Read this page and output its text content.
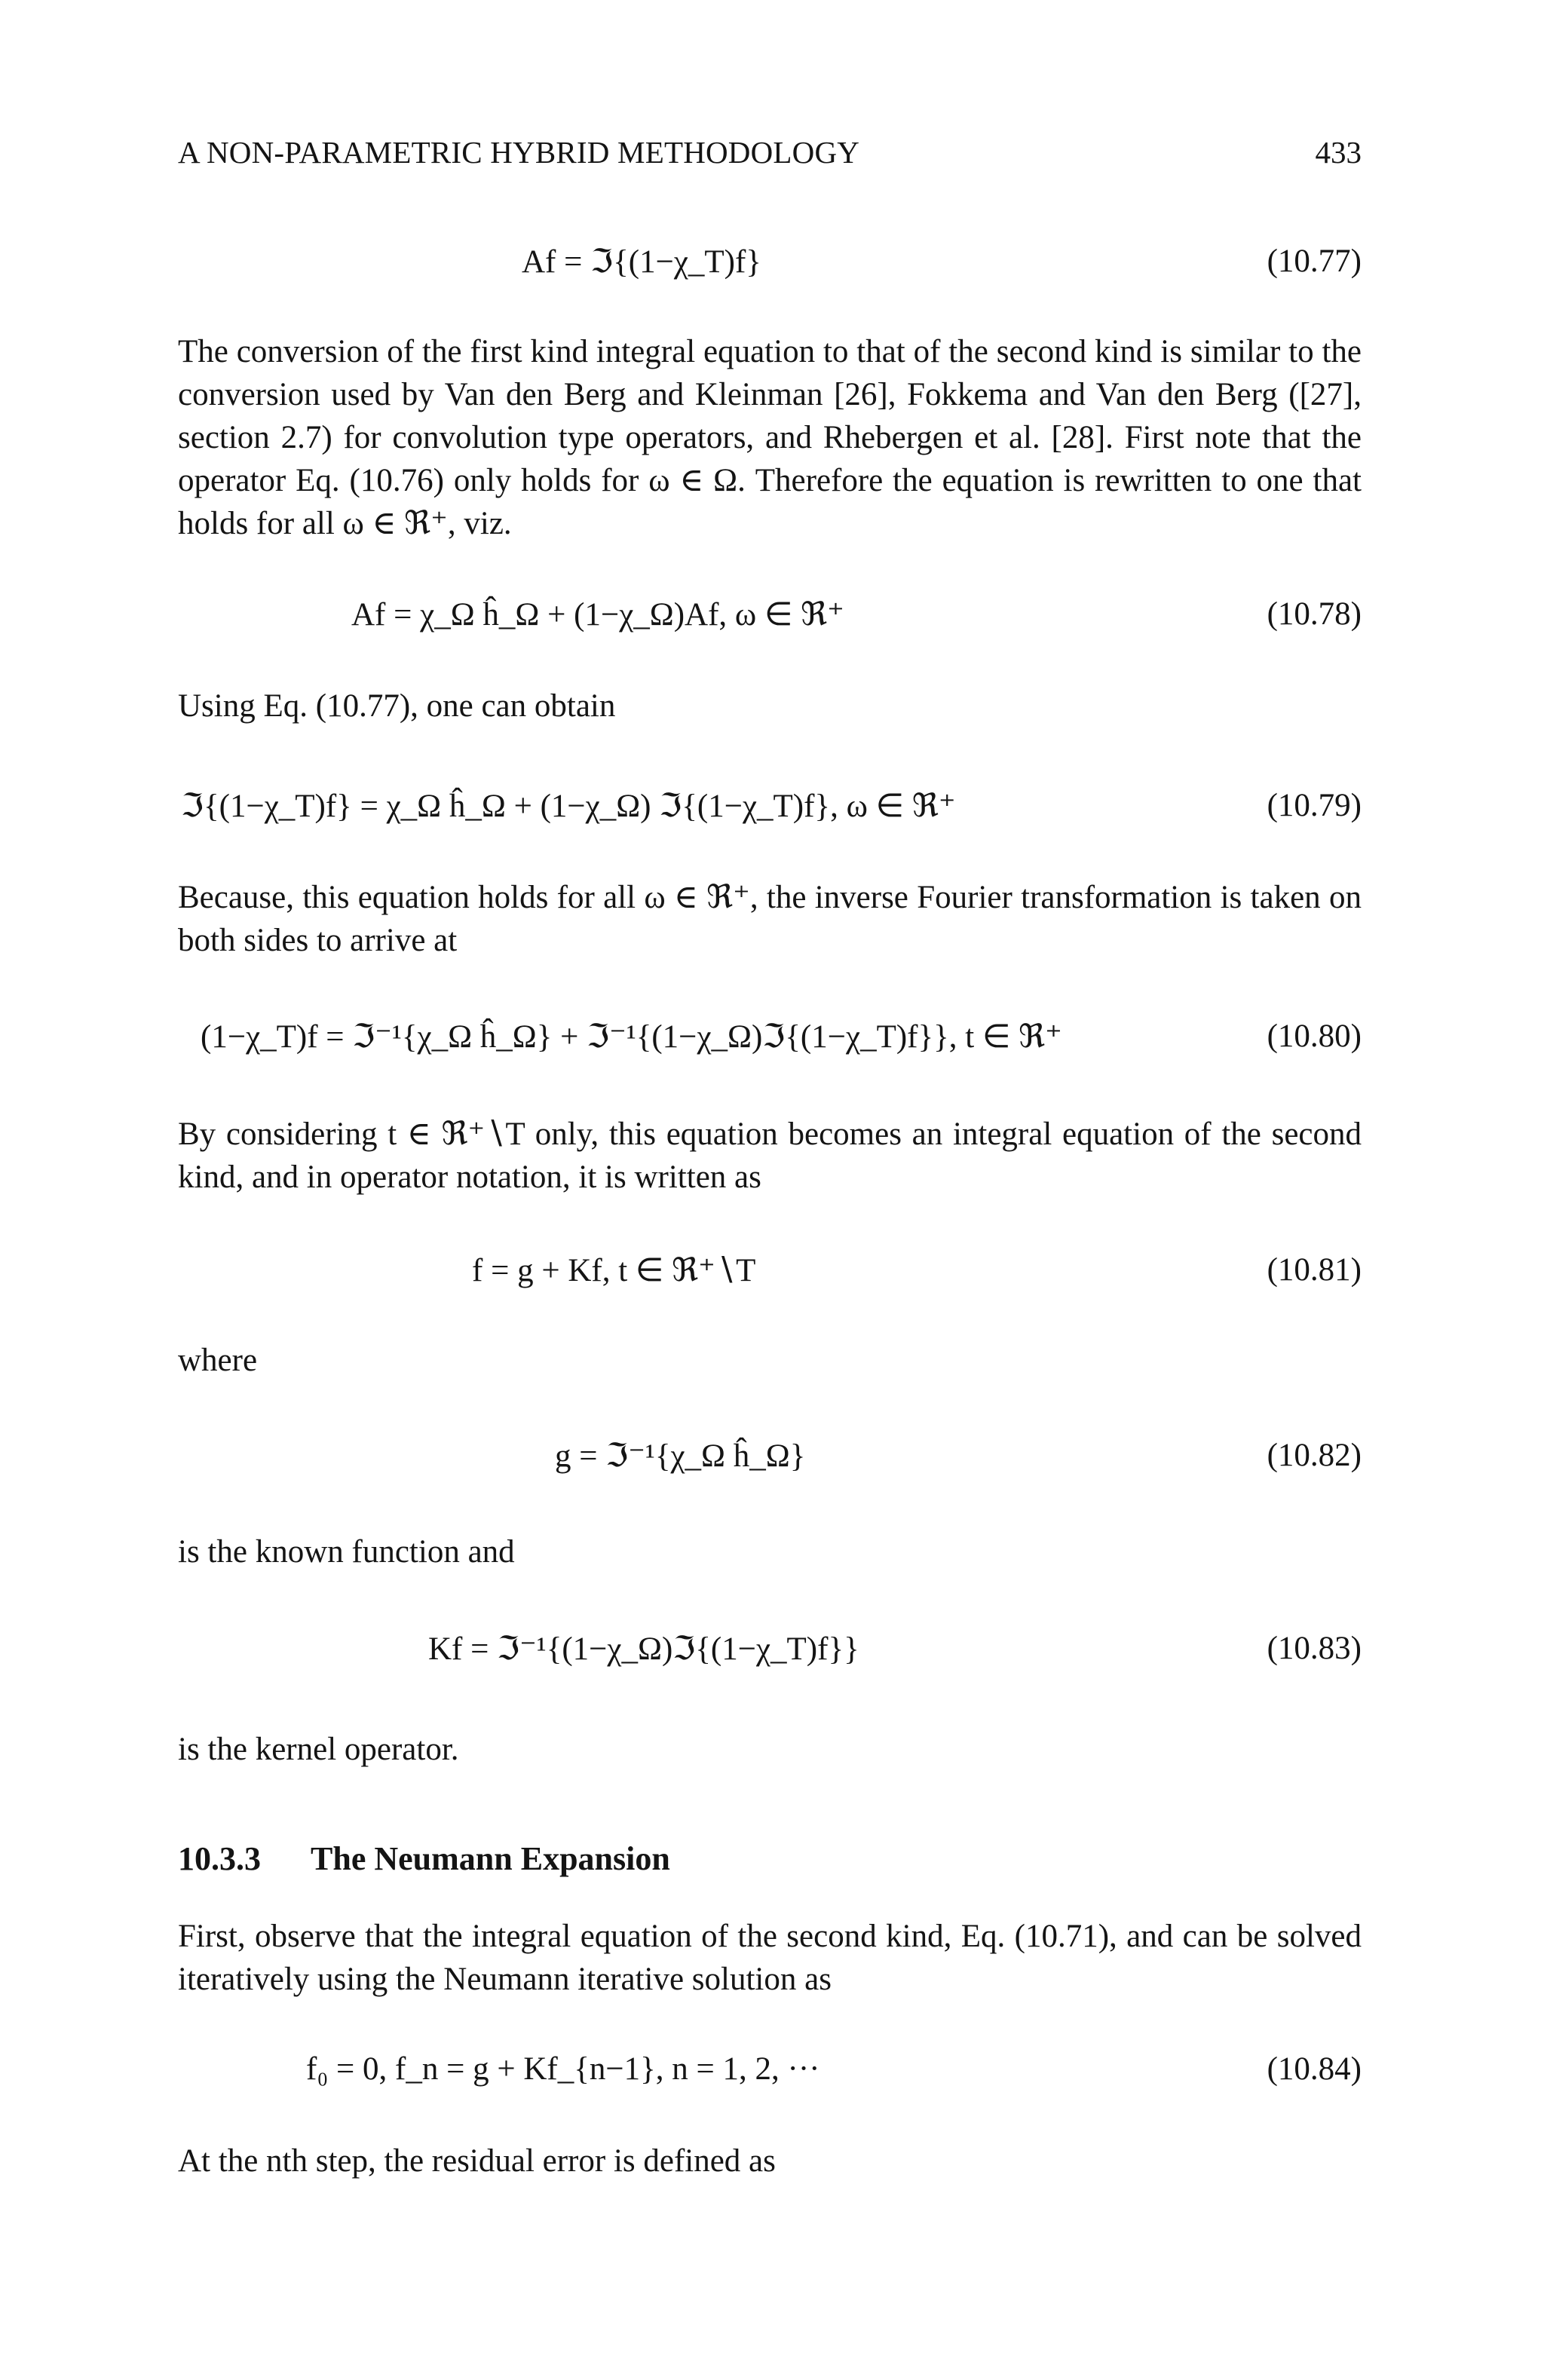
A NON-PARAMETRIC HYBRID METHODOLOGY	433
Af = ℑ{(1−χ_T)f}	(10.77)

The conversion of the first kind integral equation to that of the second kind is similar to the conversion used by Van den Berg and Kleinman [26], Fokkema and Van den Berg ([27], section 2.7) for convolution type operators, and Rhebergen et al. [28]. First note that the operator Eq. (10.76) only holds for ω ∈ Ω. Therefore the equation is rewritten to one that holds for all ω ∈ ℜ⁺, viz.

Af = χ_Ω ĥ_Ω + (1−χ_Ω)Af, ω ∈ ℜ⁺	(10.78)

Using Eq. (10.77), one can obtain

ℑ{(1−χ_T)f} = χ_Ω ĥ_Ω + (1−χ_Ω) ℑ{(1−χ_T)f}, ω ∈ ℜ⁺	(10.79)

Because, this equation holds for all ω ∈ ℜ⁺, the inverse Fourier transformation is taken on both sides to arrive at

(1−χ_T)f = ℑ⁻¹{χ_Ω ĥ_Ω} + ℑ⁻¹{(1−χ_Ω)ℑ{(1−χ_T)f}}, t ∈ ℜ⁺	(10.80)

By considering t ∈ ℜ⁺∖T only, this equation becomes an integral equation of the second kind, and in operator notation, it is written as

f = g + Kf, t ∈ ℜ⁺∖T	(10.81)

where

g = ℑ⁻¹{χ_Ω ĥ_Ω}	(10.82)

is the known function and

Kf = ℑ⁻¹{(1−χ_Ω)ℑ{(1−χ_T)f}}	(10.83)

is the kernel operator.

10.3.3   The Neumann Expansion

First, observe that the integral equation of the second kind, Eq. (10.71), and can be solved iteratively using the Neumann iterative solution as

f₀ = 0, f_n = g + Kf_{n−1}, n = 1, 2, ···	(10.84)

At the nth step, the residual error is defined as
